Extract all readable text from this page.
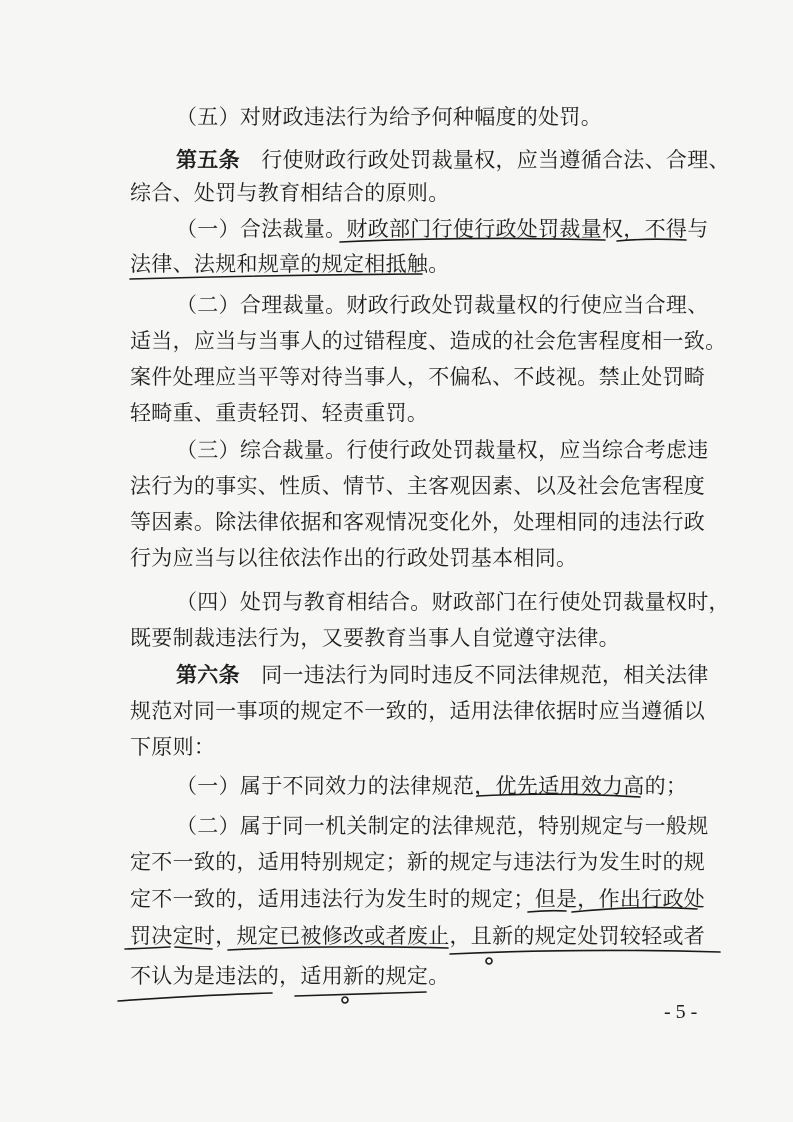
（五）对财政违法行为给予何种幅度的处罚。
第五条　行使财政行政处罚裁量权，应当遵循合法、合理、
综合、处罚与教育相结合的原则。
（一）合法裁量。财政部门行使行政处罚裁量权，不得与
法律、法规和规章的规定相抵触。
（二）合理裁量。财政行政处罚裁量权的行使应当合理、
适当，应当与当事人的过错程度、造成的社会危害程度相一致。
案件处理应当平等对待当事人，不偏私、不歧视。禁止处罚畸
轻畸重、重责轻罚、轻责重罚。
（三）综合裁量。行使行政处罚裁量权，应当综合考虑违
法行为的事实、性质、情节、主客观因素、以及社会危害程度
等因素。除法律依据和客观情况变化外，处理相同的违法行政
行为应当与以往依法作出的行政处罚基本相同。
（四）处罚与教育相结合。财政部门在行使处罚裁量权时，
既要制裁违法行为，又要教育当事人自觉遵守法律。
第六条　同一违法行为同时违反不同法律规范，相关法律
规范对同一事项的规定不一致的，适用法律依据时应当遵循以
下原则：
（一）属于不同效力的法律规范，优先适用效力高的；
（二）属于同一机关制定的法律规范，特别规定与一般规
定不一致的，适用特别规定；新的规定与违法行为发生时的规
定不一致的，适用违法行为发生时的规定；但是，作出行政处
罚决定时，规定已被修改或者废止，且新的规定处罚较轻或者
不认为是违法的，适用新的规定。
- 5 -
